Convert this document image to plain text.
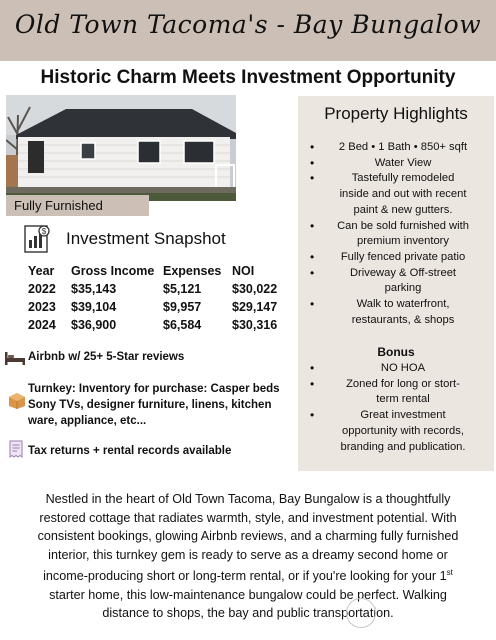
Old Town Tacoma's - Bay Bungalow
Historic Charm Meets Investment Opportunity
Fully Furnished
$ Investment Snapshot
Year Gross Income Expenses NOI
2022 $35,143	$5,121 $30,022
2023 $39,104	$9,957 $29,147
2024 $36,900	$6,584 $30,316
Airbnb w/ 25+ 5-Star reviews
Turnkey: Inventory for purchase: Casper beds
Sony TVs, designer furniture, linens, kitchen
ware, appliance, etc...
Tax returns + rental records available
Property Highlights
• 2 Bed • 1 Bath • 850+ sqft
•	Water View
•	Tastefully remodeled
inside and out with recent
paint & new gutters.
• Can be sold furnished with
premium inventory
• Fully fenced private patio
•	Driveway & Off-street
parking
•	Walk to waterfront,
restaurants, & shops
Bonus
•	NO HOA
•	Zoned for long or stort-
term rental
•	Great investment
opportunity with records,
branding and publication.
Nestled in the heart of Old Town Tacoma, Bay Bungalow is a thoughtfully
restored cottage that radiates warmth, style, and investment potential. With
consistent bookings, glowing Airbnb reviews, and a charming fully furnished
interior, this turnkey gem is ready to serve as a dreamy second home or
income-producing short or long-term rental, or if you're looking for your 1st
starter home, this low-maintenance bungalow could be perfect. Walking
distance to shops, the bay and public transportation.
